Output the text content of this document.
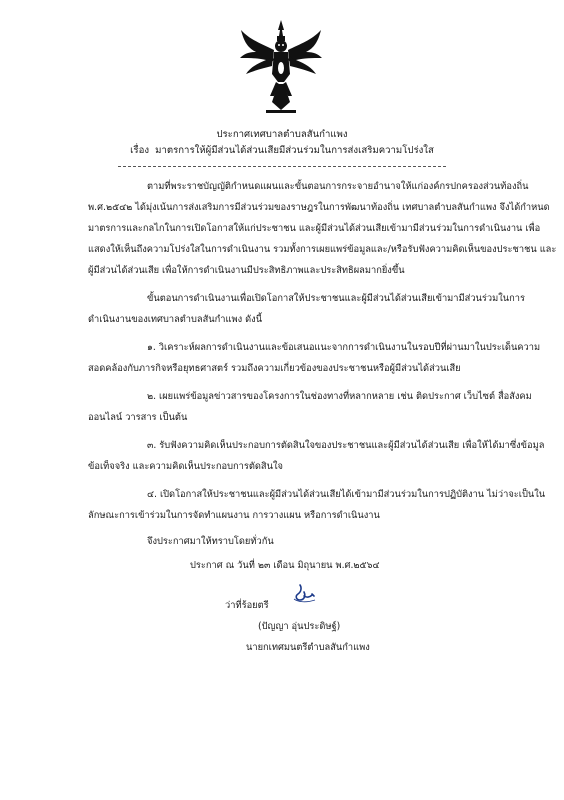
ประกาศเทศบาลตำบลสันกำแพง
เรื่อง มาตรการให้ผู้มีส่วนได้ส่วนเสียมีส่วนร่วมในการส่งเสริมความโปร่งใส
ตามที่พระราชบัญญัติกำหนดแผนและขั้นตอนการกระจายอำนาจให้แก่องค์กรปกครองส่วนท้องถิ่น
พ.ศ.๒๕๔๒ ได้มุ่งเน้นการส่งเสริมการมีส่วนร่วมของราษฎรในการพัฒนาท้องถิ่น เทศบาลตำบลสันกำแพง จึงได้กำหนด
มาตรการและกลไกในการเปิดโอกาสให้แก่ประชาชน และผู้มีส่วนได้ส่วนเสียเข้ามามีส่วนร่วมในการดำเนินงาน เพื่อ
แสดงให้เห็นถึงความโปร่งใสในการดำเนินงาน รวมทั้งการเผยแพร่ข้อมูลและ/หรือรับฟังความคิดเห็นของประชาชน และ
ผู้มีส่วนได้ส่วนเสีย เพื่อให้การดำเนินงานมีประสิทธิภาพและประสิทธิผลมากยิ่งขึ้น
ขั้นตอนการดำเนินงานเพื่อเปิดโอกาสให้ประชาชนและผู้มีส่วนได้ส่วนเสียเข้ามามีส่วนร่วมในการ
ดำเนินงานของเทศบาลตำบลสันกำแพง ดังนี้
๑. วิเคราะห์ผลการดำเนินงานและข้อเสนอแนะจากการดำเนินงานในรอบปีที่ผ่านมาในประเด็นความ
สอดคล้องกับภารกิจหรือยุทธศาสตร์ รวมถึงความเกี่ยวข้องของประชาชนหรือผู้มีส่วนได้ส่วนเสีย
๒. เผยแพร่ข้อมูลข่าวสารของโครงการในช่องทางที่หลากหลาย เช่น ติดประกาศ เว็บไซต์ สื่อสังคม
ออนไลน์ วารสาร เป็นต้น
๓. รับฟังความคิดเห็นประกอบการตัดสินใจของประชาชนและผู้มีส่วนได้ส่วนเสีย เพื่อให้ได้มาซึ่งข้อมูล
ข้อเท็จจริง และความคิดเห็นประกอบการตัดสินใจ
๔. เปิดโอกาสให้ประชาชนและผู้มีส่วนได้ส่วนเสียได้เข้ามามีส่วนร่วมในการปฏิบัติงาน ไม่ว่าจะเป็นใน
ลักษณะการเข้าร่วมในการจัดทำแผนงาน การวางแผน หรือการดำเนินงาน
จึงประกาศมาให้ทราบโดยทั่วกัน
ประกาศ ณ วันที่ ๒๓ เดือน มิถุนายน พ.ศ.๒๕๖๔
ว่าที่ร้อยตรี
(ปัญญา อุ่นประดิษฐ์)
นายกเทศมนตรีตำบลสันกำแพง
